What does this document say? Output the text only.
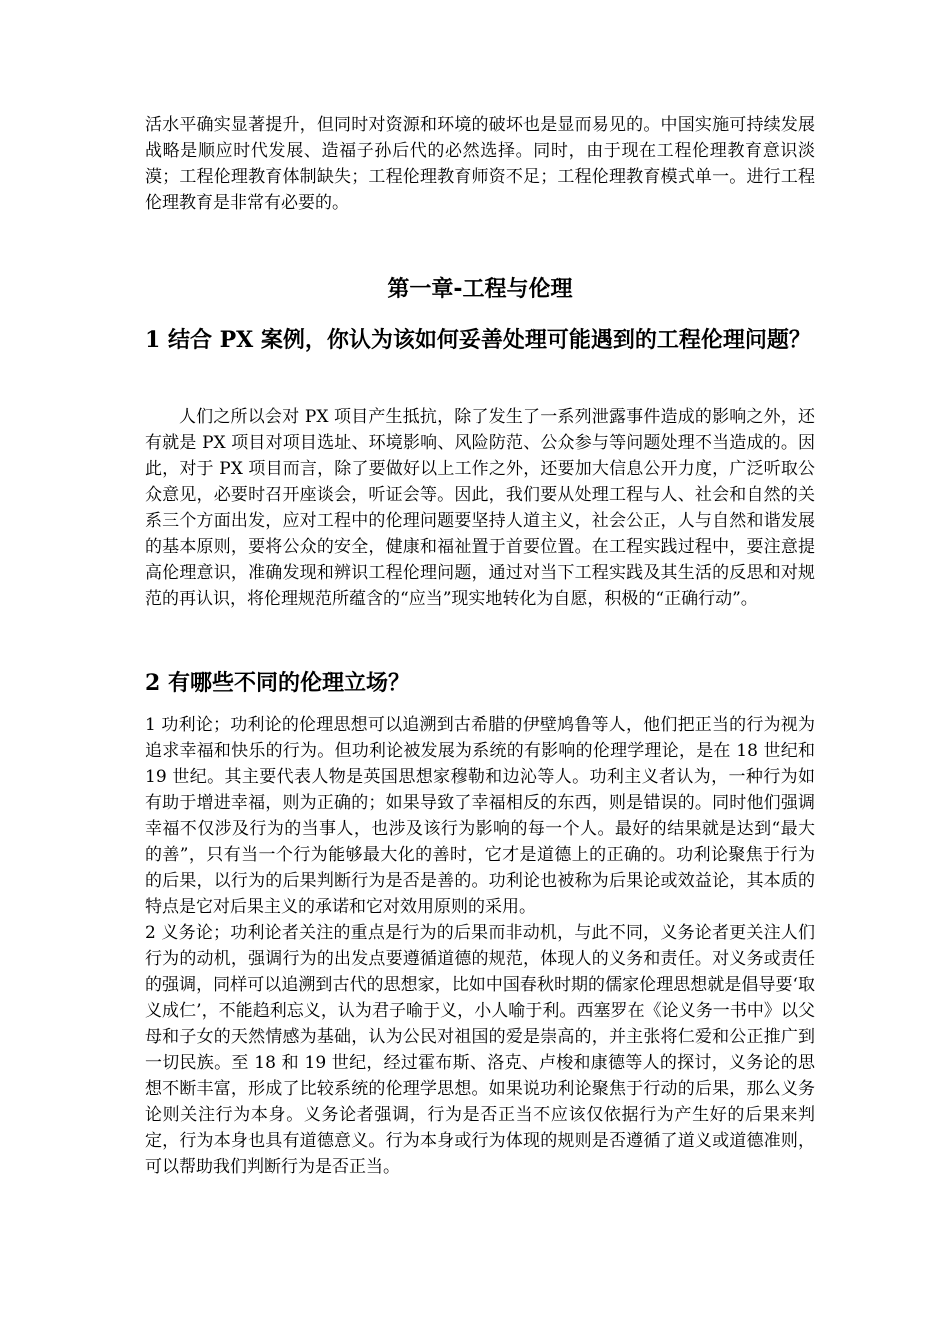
活水平确实显著提升，但同时对资源和环境的破坏也是显而易见的。中国实施可持续发展战略是顺应时代发展、造福子孙后代的必然选择。同时，由于现在工程伦理教育意识淡漠；工程伦理教育体制缺失；工程伦理教育师资不足；工程伦理教育模式单一。进行工程伦理教育是非常有必要的。

第一章-工程与伦理
1 结合 PX 案例，你认为该如何妥善处理可能遇到的工程伦理问题？

人们之所以会对 PX 项目产生抵抗，除了发生了一系列泄露事件造成的影响之外，还有就是 PX 项目对项目选址、环境影响、风险防范、公众参与等问题处理不当造成的。因此，对于 PX 项目而言，除了要做好以上工作之外，还要加大信息公开力度，广泛听取公众意见，必要时召开座谈会，听证会等。因此，我们要从处理工程与人、社会和自然的关系三个方面出发，应对工程中的伦理问题要坚持人道主义，社会公正，人与自然和谐发展的基本原则，要将公众的安全，健康和福祉置于首要位置。在工程实践过程中，要注意提高伦理意识，准确发现和辨识工程伦理问题，通过对当下工程实践及其生活的反思和对规范的再认识，将伦理规范所蕴含的“应当”现实地转化为自愿，积极的“正确行动”。

2 有哪些不同的伦理立场？

1 功利论；功利论的伦理思想可以追溯到古希腊的伊壁鸠鲁等人，他们把正当的行为视为追求幸福和快乐的行为。但功利论被发展为系统的有影响的伦理学理论，是在 18 世纪和 19 世纪。其主要代表人物是英国思想家穆勒和边沁等人。功利主义者认为，一种行为如有助于增进幸福，则为正确的；如果导致了幸福相反的东西，则是错误的。同时他们强调幸福不仅涉及行为的当事人，也涉及该行为影响的每一个人。最好的结果就是达到“最大的善”，只有当一个行为能够最大化的善时，它才是道德上的正确的。功利论聚焦于行为的后果，以行为的后果判断行为是否是善的。功利论也被称为后果论或效益论，其本质的特点是它对后果主义的承诺和它对效用原则的采用。

2 义务论；功利论者关注的重点是行为的后果而非动机，与此不同，义务论者更关注人们行为的动机，强调行为的出发点要遵循道德的规范，体现人的义务和责任。对义务或责任的强调，同样可以追溯到古代的思想家，比如中国春秋时期的儒家伦理思想就是倡导要‘取义成仁’，不能趋利忘义，认为君子喻于义，小人喻于利。西塞罗在《论义务一书中》以父母和子女的天然情感为基础，认为公民对祖国的爱是崇高的，并主张将仁爱和公正推广到一切民族。至 18 和 19 世纪，经过霍布斯、洛克、卢梭和康德等人的探讨，义务论的思想不断丰富，形成了比较系统的伦理学思想。如果说功利论聚焦于行动的后果，那么义务论则关注行为本身。义务论者强调，行为是否正当不应该仅依据行为产生好的后果来判定，行为本身也具有道德意义。行为本身或行为体现的规则是否遵循了道义或道德准则，可以帮助我们判断行为是否正当。
